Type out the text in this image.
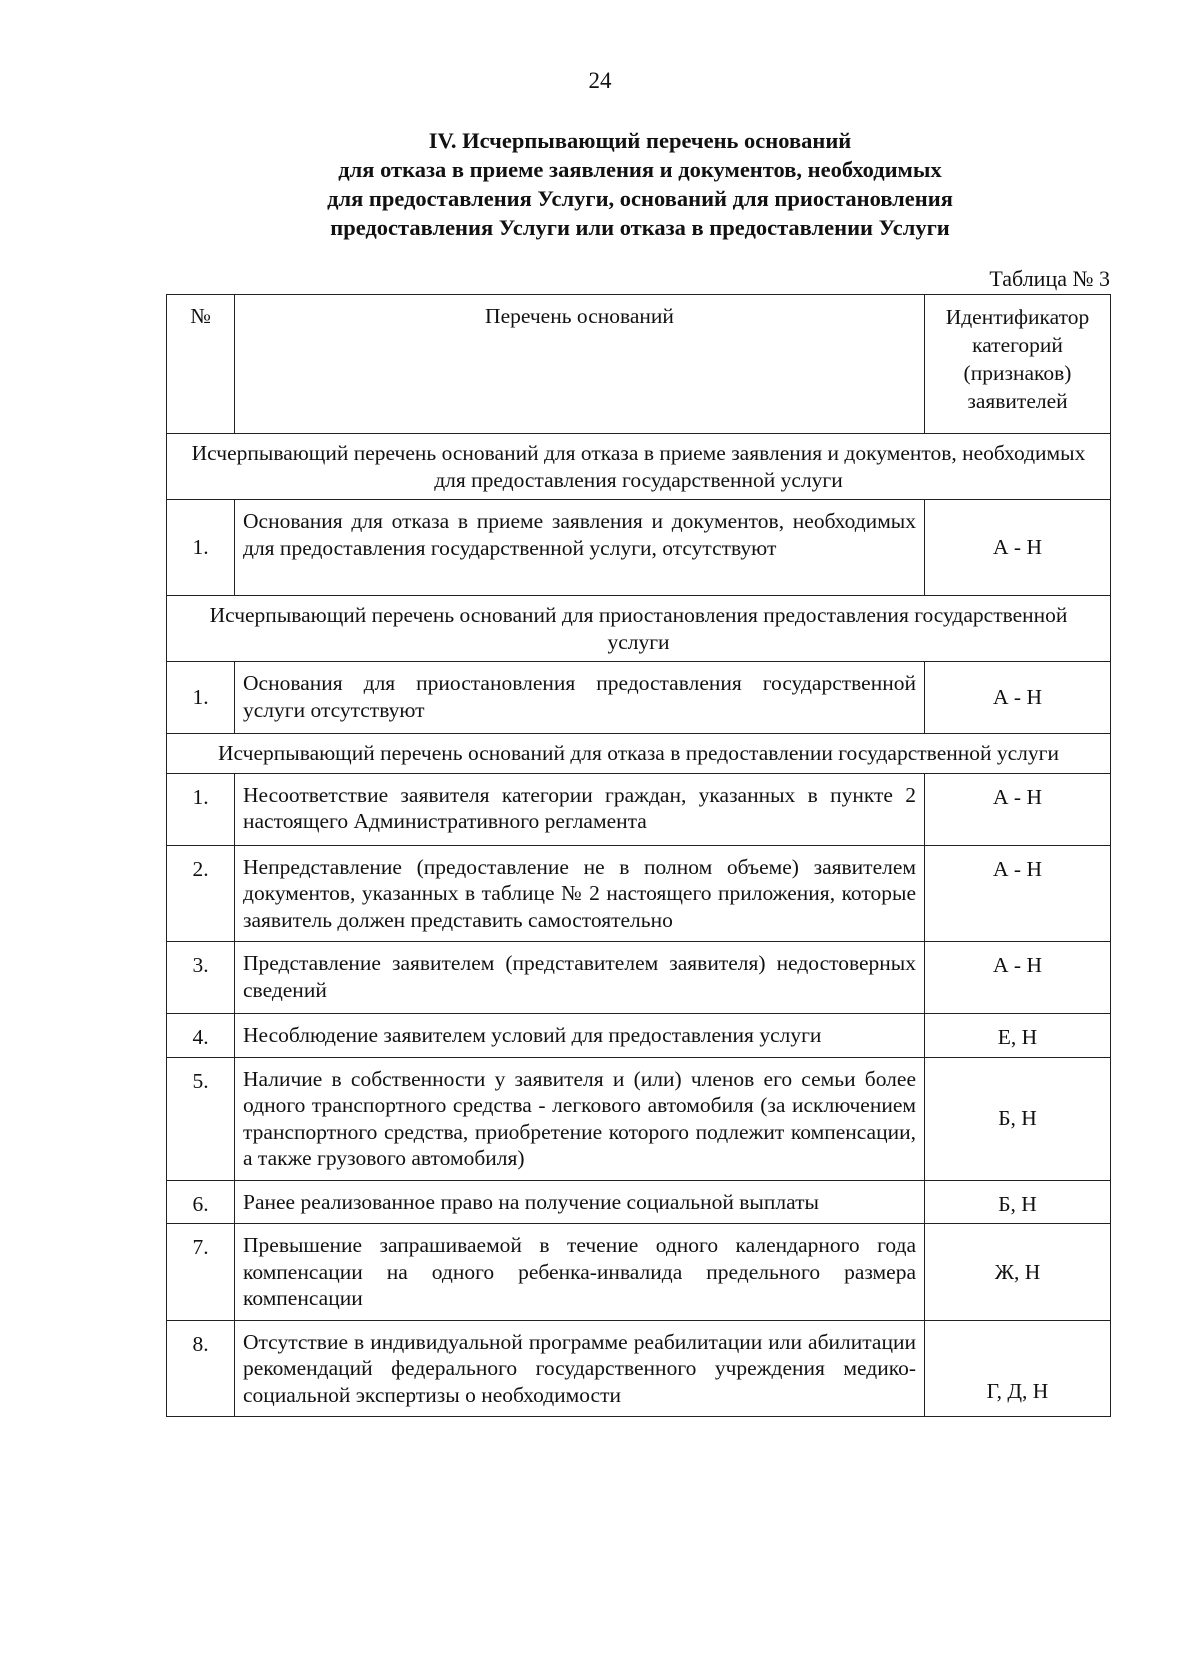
24
IV. Исчерпывающий перечень оснований
для отказа в приеме заявления и документов, необходимых
для предоставления Услуги, оснований для приостановления
предоставления Услуги или отказа в предоставлении Услуги
Таблица № 3
№	Перечень оснований	Идентификатор категорий (признаков) заявителей
Исчерпывающий перечень оснований для отказа в приеме заявления и документов, необходимых для предоставления государственной услуги		
1.	Основания для отказа в приеме заявления и документов, необходимых для предоставления государственной услуги, отсутствуют	А - Н
Исчерпывающий перечень оснований для приостановления предоставления государственной услуги		
1.	Основания для приостановления предоставления государственной услуги отсутствуют	А - Н
Исчерпывающий перечень оснований для отказа в предоставлении государственной услуги		
1.	Несоответствие заявителя категории граждан, указанных в пункте 2 настоящего Административного регламента	А - Н
2.	Непредставление (предоставление не в полном объеме) заявителем документов, указанных в таблице № 2 настоящего приложения, которые заявитель должен представить самостоятельно	А - Н
3.	Представление заявителем (представителем заявителя) недостоверных сведений	А - Н
4.	Несоблюдение заявителем условий для предоставления услуги	Е, Н
5.	Наличие в собственности у заявителя и (или) членов его семьи более одного транспортного средства - легкового автомобиля (за исключением транспортного средства, приобретение которого подлежит компенсации, а также грузового автомобиля)	Б, Н
6.	Ранее реализованное право на получение социальной выплаты	Б, Н
7.	Превышение запрашиваемой в течение одного календарного года компенсации на одного ребенка-инвалида предельного размера компенсации	Ж, Н
8.	Отсутствие в индивидуальной программе реабилитации или абилитации рекомендаций федерального государственного учреждения медико-социальной экспертизы о необходимости	Г, Д, Н
